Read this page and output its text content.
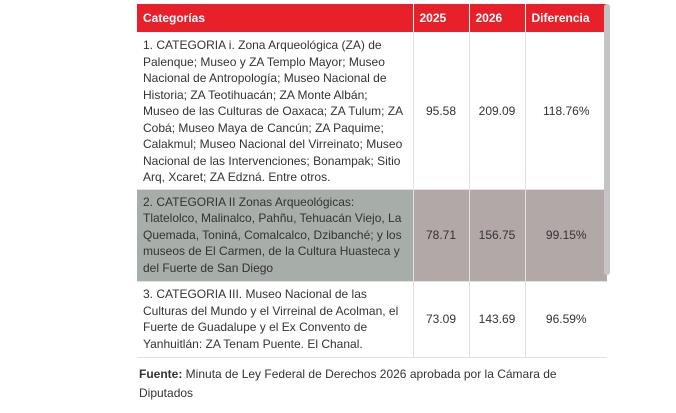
Categorías	2025	2026	Diferencia
1. CATEGORIA i. Zona Arqueológica (ZA) de Palenque; Museo y ZA Templo Mayor; Museo Nacional de Antropología; Museo Nacional de Historia; ZA Teotihuacán; ZA Monte Albán; Museo de las Culturas de Oaxaca; ZA Tulum; ZA Cobá; Museo Maya de Cancún; ZA Paquime; Calakmul; Museo Nacional del Virreinato; Museo Nacional de las Intervenciones; Bonampak; Sitio Arq, Xcaret; ZA Edzná. Entre otros.	95.58	209.09	118.76%
2. CATEGORIA II Zonas Arqueológicas: Tlatelolco, Malinalco, Pahñu, Tehuacán Viejo, La Quemada, Toniná, Comalcalco, Dzibanché; y los museos de El Carmen, de la Cultura Huasteca y del Fuerte de San Diego	78.71	156.75	99.15%
3. CATEGORIA III. Museo Nacional de las Culturas del Mundo y el Virreinal de Acolman, el Fuerte de Guadalupe y el Ex Convento de Yanhuitlán: ZA Tenam Puente. El Chanal.	73.09	143.69	96.59%
Fuente: Minuta de Ley Federal de Derechos 2026 aprobada por la Cámara de Diputados
